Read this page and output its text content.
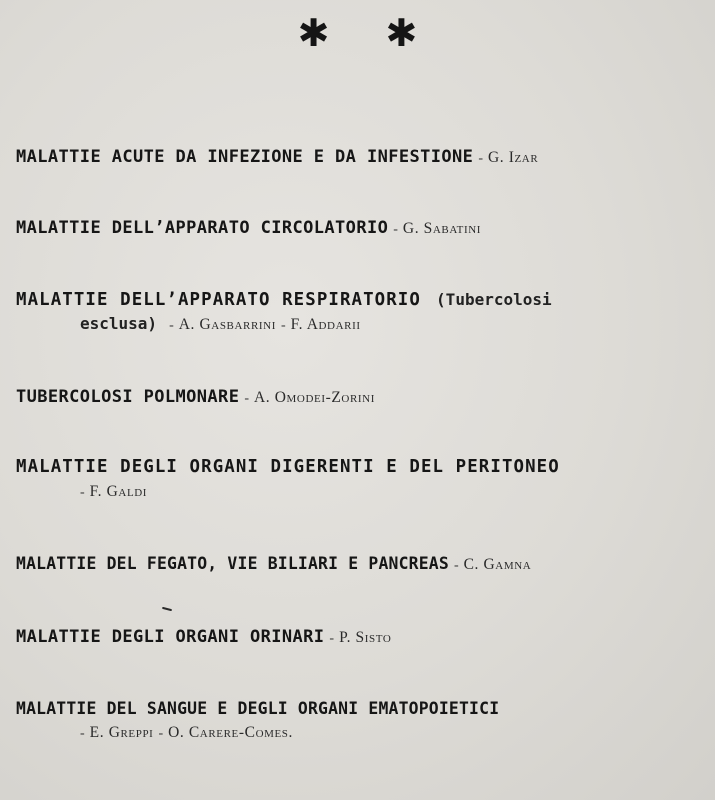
✱ ✱
MALATTIE ACUTE DA INFEZIONE E DA INFESTIONE - G. Izar
MALATTIE DELL’APPARATO CIRCOLATORIO - G. Sabatini
MALATTIE DELL’APPARATO RESPIRATORIO (Tubercolosi
esclusa) - A. Gasbarrini - F. Addarii
TUBERCOLOSI POLMONARE - A. Omodei-Zorini
MALATTIE DEGLI ORGANI DIGERENTI E DEL PERITONEO
- F. Galdi
MALATTIE DEL FEGATO, VIE BILIARI E PANCREAS - C. Gamna
MALATTIE DEGLI ORGANI ORINARI - P. Sisto
MALATTIE DEL SANGUE E DEGLI ORGANI EMATOPOIETICI
- E. Greppi - O. Carere-Comes.
